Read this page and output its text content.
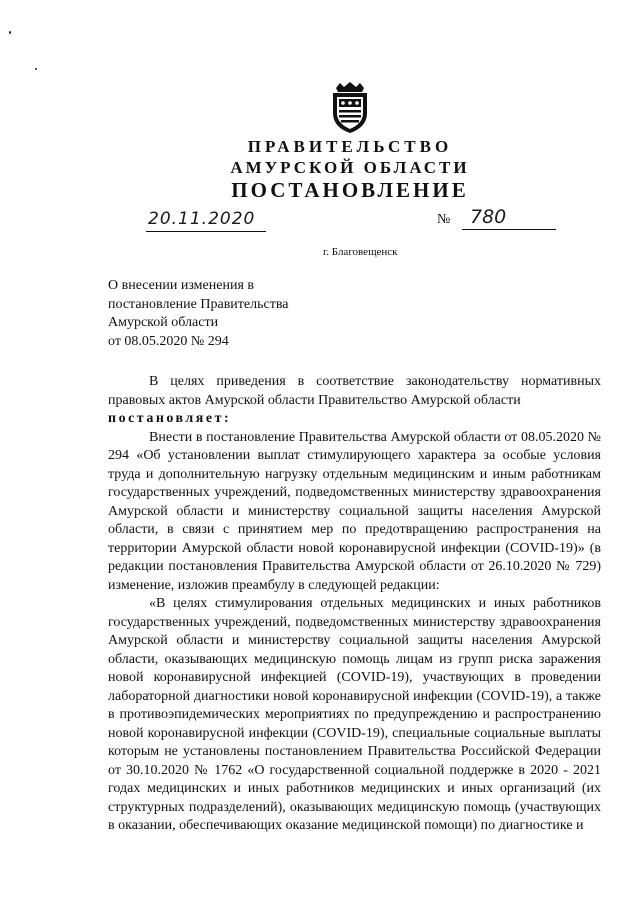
ПРАВИТЕЛЬСТВО
АМУРСКОЙ ОБЛАСТИ
ПОСТАНОВЛЕНИЕ
20.11.2020	№ 780
г. Благовещенск
О внесении изменения в
постановление Правительства
Амурской области
от 08.05.2020 № 294

В целях приведения в соответствие законодательству нормативных правовых актов Амурской области Правительство Амурской области

постановляет:

Внести в постановление Правительства Амурской области от 08.05.2020 № 294 «Об установлении выплат стимулирующего характера за особые условия труда и дополнительную нагрузку отдельным медицинским и иным работникам государственных учреждений, подведомственных министерству здравоохранения Амурской области и министерству социальной защиты населения Амурской области, в связи с принятием мер по предотвращению распространения на территории Амурской области новой коронавирусной инфекции (COVID-19)» (в редакции постановления Правительства Амурской области от 26.10.2020 № 729) изменение, изложив преамбулу в следующей редакции:

«В целях стимулирования отдельных медицинских и иных работников государственных учреждений, подведомственных министерству здравоохранения Амурской области и министерству социальной защиты населения Амурской области, оказывающих медицинскую помощь лицам из групп риска заражения новой коронавирусной инфекцией (COVID-19), участвующих в проведении лабораторной диагностики новой коронавирусной инфекции (COVID-19), а также в противоэпидемических мероприятиях по предупреждению и распространению новой коронавирусной инфекции (COVID-19), специальные социальные выплаты которым не установлены постановлением Правительства Российской Федерации от 30.10.2020 № 1762 «О государственной социальной поддержке в 2020 - 2021 годах медицинских и иных работников медицинских и иных организаций (их структурных подразделений), оказывающих медицинскую помощь (участвующих в оказании, обеспечивающих оказание медицинской помощи) по диагностике и
